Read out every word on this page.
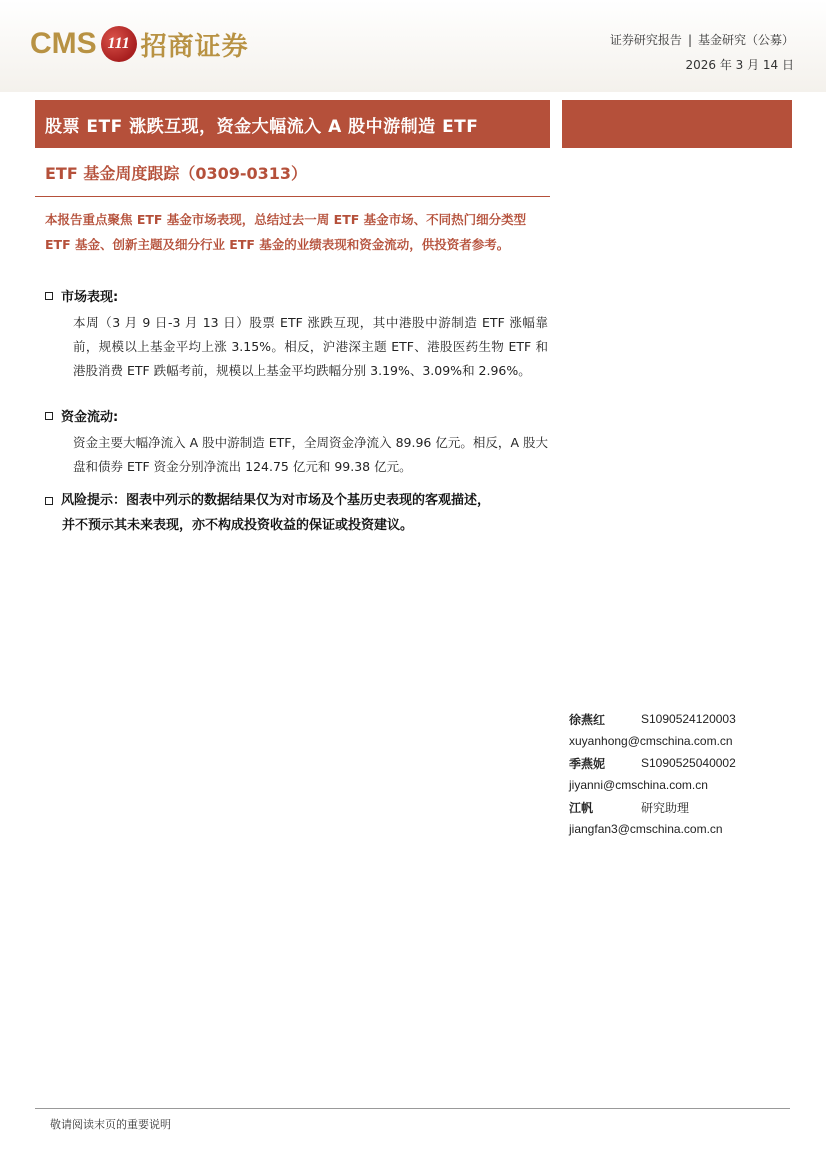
CMS 111 招商证券	证券研究报告 | 基金研究（公募）
2026 年 3 月 14 日
股票 ETF 涨跌互现，资金大幅流入 A 股中游制造 ETF
ETF 基金周度跟踪（0309-0313）
本报告重点聚焦 ETF 基金市场表现，总结过去一周 ETF 基金市场、不同热门细分类型 ETF 基金、创新主题及细分行业 ETF 基金的业绩表现和资金流动，供投资者参考。
市场表现:
本周（3 月 9 日-3 月 13 日）股票 ETF 涨跌互现，其中港股中游制造 ETF 涨幅靠前，规模以上基金平均上涨 3.15%。相反，沪港深主题 ETF、港股医药生物 ETF 和港股消费 ETF 跌幅考前，规模以上基金平均跌幅分别 3.19%、3.09%和 2.96%。
资金流动:
资金主要大幅净流入 A 股中游制造 ETF，全周资金净流入 89.96 亿元。相反，A 股大盘和债券 ETF 资金分别净流出 124.75 亿元和 99.38 亿元。
风险提示：图表中列示的数据结果仅为对市场及个基历史表现的客观描述，
并不预示其未来表现，亦不构成投资收益的保证或投资建议。
徐燕红	S1090524120003
xuyanhong@cmschina.com.cn
季燕妮	S1090525040002
jiyanni@cmschina.com.cn
江帆	研究助理
jiangfan3@cmschina.com.cn
敬请阅读末页的重要说明
